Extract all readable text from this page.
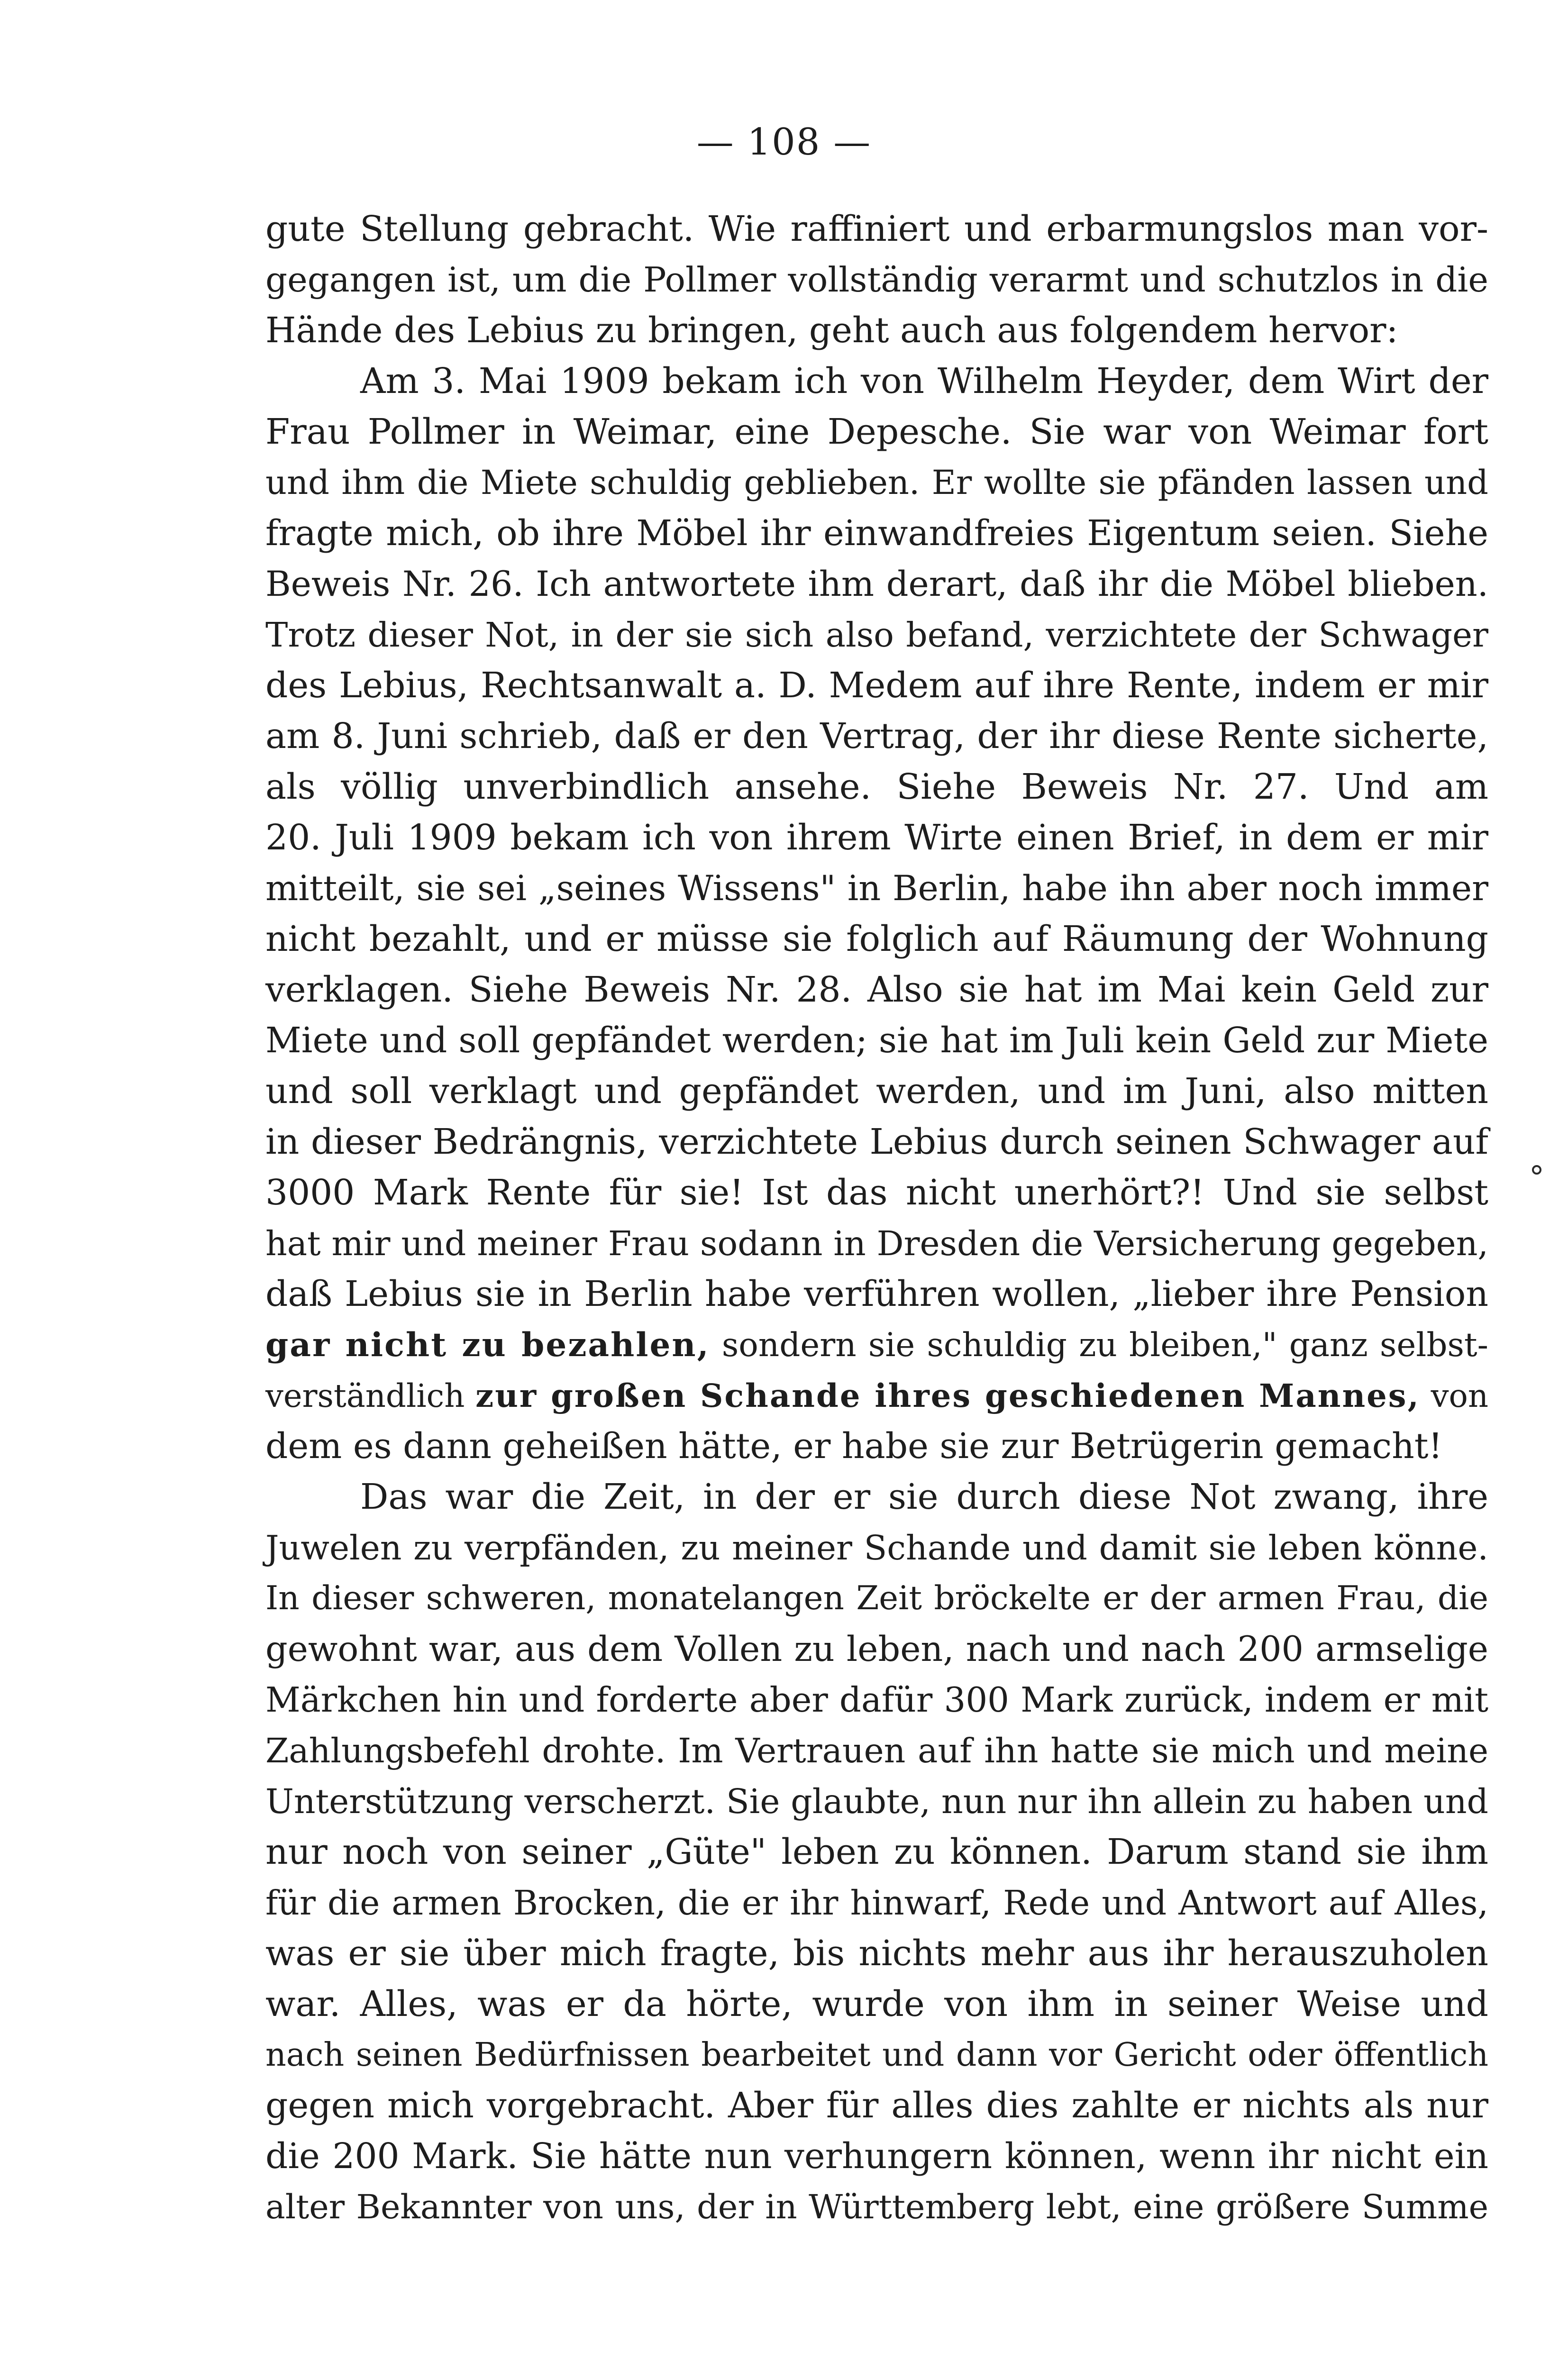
— 108 —
gute Stellung gebracht. Wie raffiniert und erbarmungslos man vor-
gegangen ist, um die Pollmer vollständig verarmt und schutzlos in die
Hände des Lebius zu bringen, geht auch aus folgendem hervor:
Am 3. Mai 1909 bekam ich von Wilhelm Heyder, dem Wirt der
Frau Pollmer in Weimar, eine Depesche. Sie war von Weimar fort
und ihm die Miete schuldig geblieben. Er wollte sie pfänden lassen und
fragte mich, ob ihre Möbel ihr einwandfreies Eigentum seien. Siehe
Beweis Nr. 26. Ich antwortete ihm derart, daß ihr die Möbel blieben.
Trotz dieser Not, in der sie sich also befand, verzichtete der Schwager
des Lebius, Rechtsanwalt a. D. Medem auf ihre Rente, indem er mir
am 8. Juni schrieb, daß er den Vertrag, der ihr diese Rente sicherte,
als völlig unverbindlich ansehe. Siehe Beweis Nr. 27. Und am
20. Juli 1909 bekam ich von ihrem Wirte einen Brief, in dem er mir
mitteilt, sie sei „seines Wissens" in Berlin, habe ihn aber noch immer
nicht bezahlt, und er müsse sie folglich auf Räumung der Wohnung
verklagen. Siehe Beweis Nr. 28. Also sie hat im Mai kein Geld zur
Miete und soll gepfändet werden; sie hat im Juli kein Geld zur Miete
und soll verklagt und gepfändet werden, und im Juni, also mitten
in dieser Bedrängnis, verzichtete Lebius durch seinen Schwager auf
3000 Mark Rente für sie! Ist das nicht unerhört?! Und sie selbst
hat mir und meiner Frau sodann in Dresden die Versicherung gegeben,
daß Lebius sie in Berlin habe verführen wollen, „lieber ihre Pension
gar nicht zu bezahlen, sondern sie schuldig zu bleiben," ganz selbst-
verständlich zur großen Schande ihres geschiedenen Mannes, von
dem es dann geheißen hätte, er habe sie zur Betrügerin gemacht!
Das war die Zeit, in der er sie durch diese Not zwang, ihre
Juwelen zu verpfänden, zu meiner Schande und damit sie leben könne.
In dieser schweren, monatelangen Zeit bröckelte er der armen Frau, die
gewohnt war, aus dem Vollen zu leben, nach und nach 200 armselige
Märkchen hin und forderte aber dafür 300 Mark zurück, indem er mit
Zahlungsbefehl drohte. Im Vertrauen auf ihn hatte sie mich und meine
Unterstützung verscherzt. Sie glaubte, nun nur ihn allein zu haben und
nur noch von seiner „Güte" leben zu können. Darum stand sie ihm
für die armen Brocken, die er ihr hinwarf, Rede und Antwort auf Alles,
was er sie über mich fragte, bis nichts mehr aus ihr herauszuholen
war. Alles, was er da hörte, wurde von ihm in seiner Weise und
nach seinen Bedürfnissen bearbeitet und dann vor Gericht oder öffentlich
gegen mich vorgebracht. Aber für alles dies zahlte er nichts als nur
die 200 Mark. Sie hätte nun verhungern können, wenn ihr nicht ein
alter Bekannter von uns, der in Württemberg lebt, eine größere Summe
